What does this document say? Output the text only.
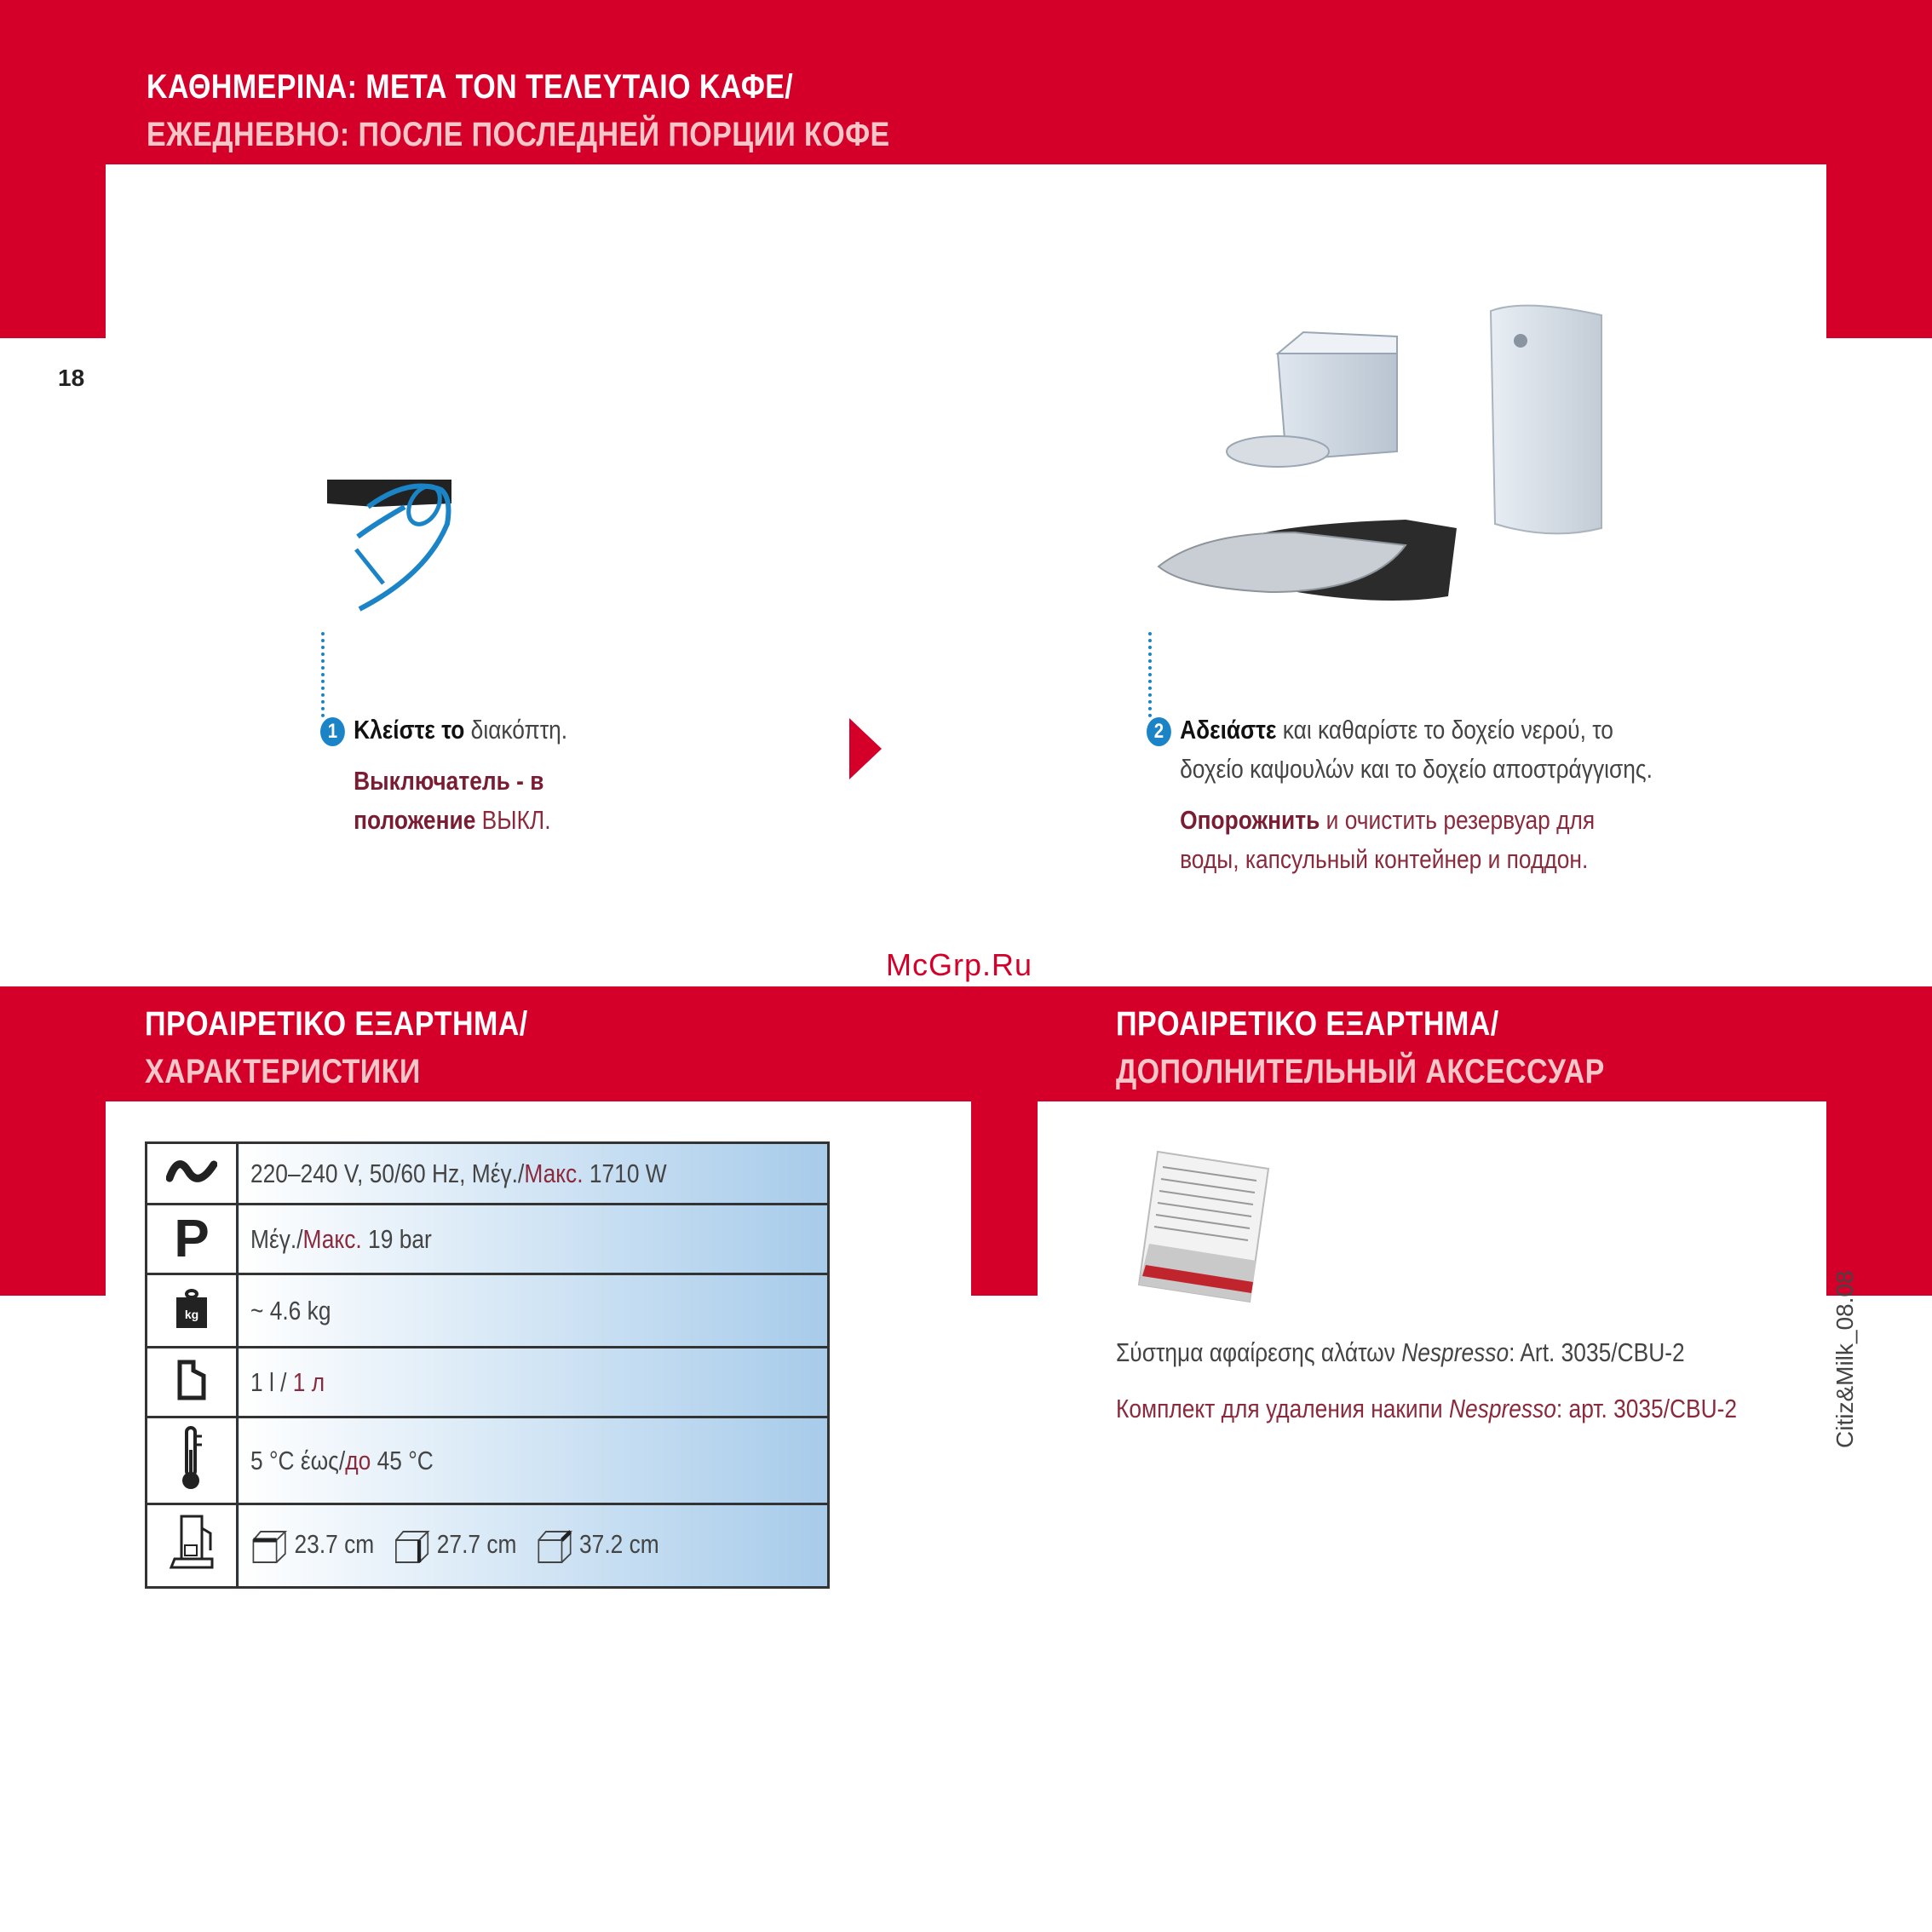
ΚΑΘΗΜΕΡΙΝΑ: ΜΕΤΑ ΤΟΝ ΤΕΛΕΥΤΑΙΟ ΚΑΦΕ/
ЕЖЕДНЕВНО: ПОСЛЕ ПОСЛЕДНЕЙ ПОРЦИИ КОФЕ
18
1 Κλείστε το διακόπτη.
Выключатель - в
положение ВЫКЛ.
2 Αδειάστε και καθαρίστε το δοχείο νερού, το
δοχείο καψουλών και το δοχείο αποστράγγισης.
Опорожнить и очистить резервуар для
воды, капсульный контейнер и поддон.
McGrp.Ru
ΠΡΟΑΙΡΕΤΙΚΟ ΕΞΑΡΤΗΜΑ/
ХАРАКТЕРИСТИКИ
ΠΡΟΑΙΡΕΤΙΚΟ ΕΞΑΡΤΗΜΑ/
ДОПОЛНИТЕЛЬНЫЙ АКСЕССУАР
	220–240 V, 50/60 Hz, Μέγ./Макс. 1710 W
P	Μέγ./Макс. 19 bar

kg	~ 4.6 kg
	1 l / 1 л
	5 °C έως/до 45 °C
	23.7 cm 27.7 cm 37.2 cm
Σύστημα αφαίρεσης αλάτων Nespresso: Art. 3035/CBU-2
Комплект для удаления накипи Nespresso: арт. 3035/CBU-2	Citiz&Milk_08.08
